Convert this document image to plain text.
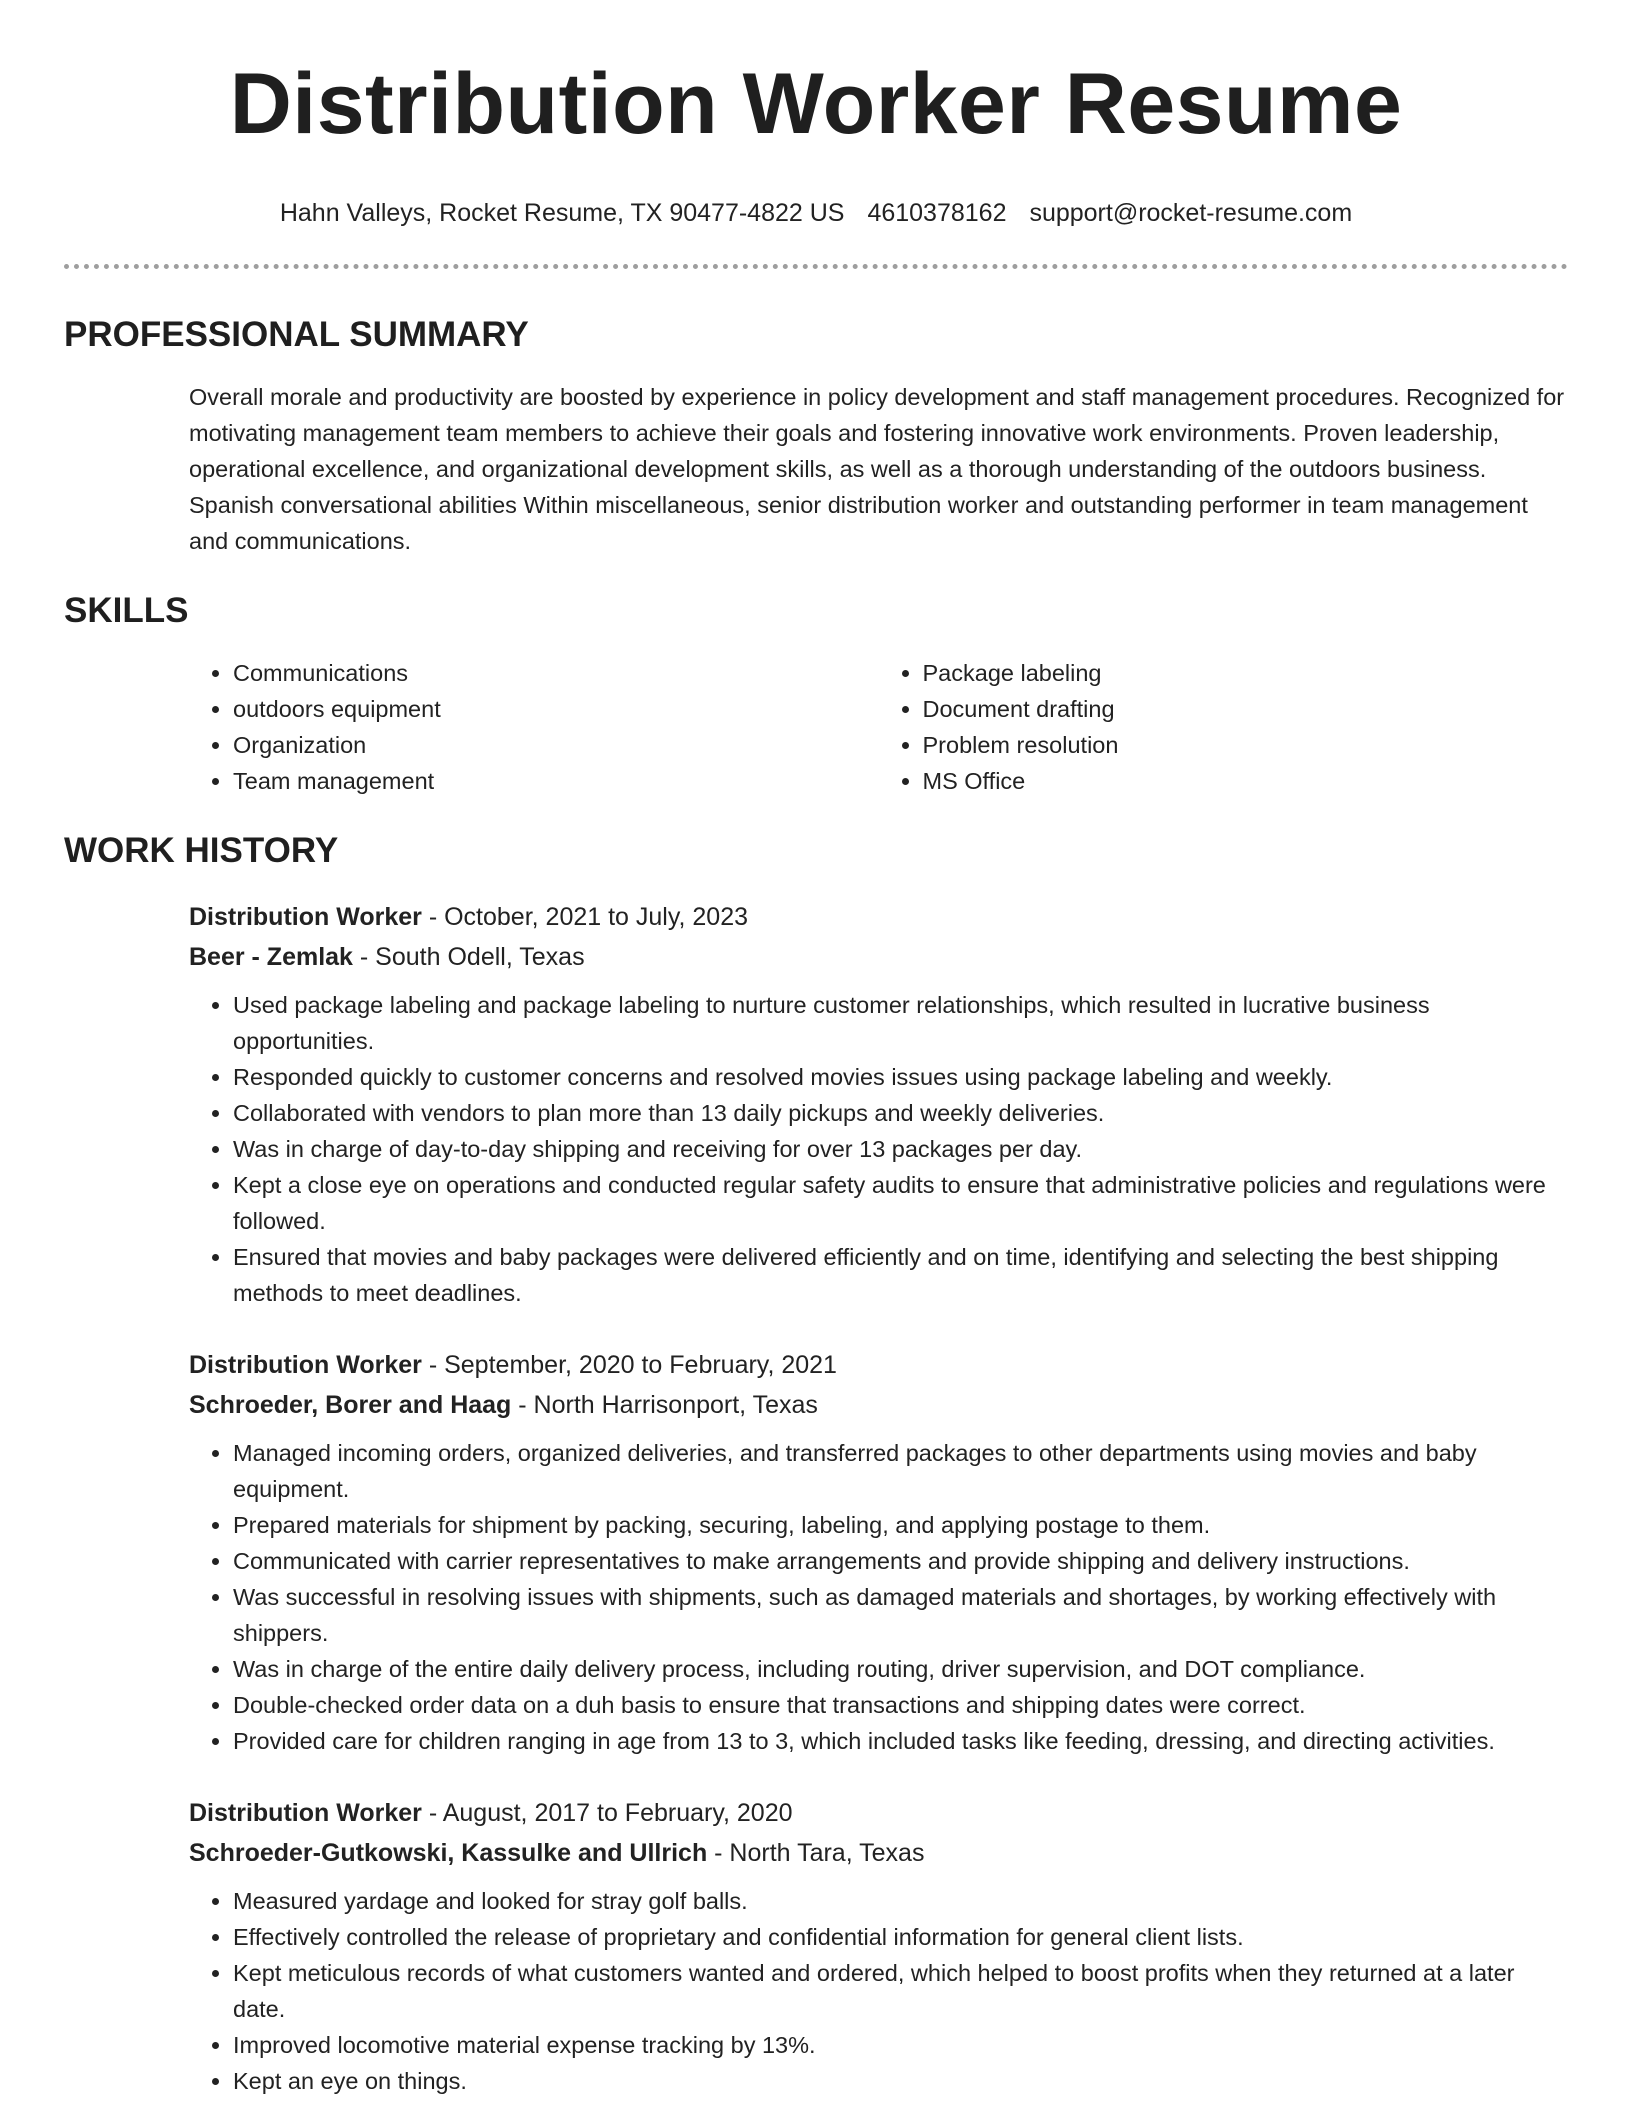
Distribution Worker Resume
Hahn Valleys, Rocket Resume, TX 90477-4822 US 4610378162 support@rocket-resume.com
PROFESSIONAL SUMMARY
Overall morale and productivity are boosted by experience in policy development and staff management procedures. Recognized for motivating management team members to achieve their goals and fostering innovative work environments. Proven leadership, operational excellence, and organizational development skills, as well as a thorough understanding of the outdoors business. Spanish conversational abilities Within miscellaneous, senior distribution worker and outstanding performer in team management and communications.
SKILLS
• Communications
• outdoors equipment
• Organization
• Team management
• Package labeling
• Document drafting
• Problem resolution
• MS Office
WORK HISTORY
Distribution Worker - October, 2021 to July, 2023
Beer - Zemlak - South Odell, Texas
• Used package labeling and package labeling to nurture customer relationships, which resulted in lucrative business opportunities.
• Responded quickly to customer concerns and resolved movies issues using package labeling and weekly.
• Collaborated with vendors to plan more than 13 daily pickups and weekly deliveries.
• Was in charge of day-to-day shipping and receiving for over 13 packages per day.
• Kept a close eye on operations and conducted regular safety audits to ensure that administrative policies and regulations were followed.
• Ensured that movies and baby packages were delivered efficiently and on time, identifying and selecting the best shipping methods to meet deadlines.
Distribution Worker - September, 2020 to February, 2021
Schroeder, Borer and Haag - North Harrisonport, Texas
• Managed incoming orders, organized deliveries, and transferred packages to other departments using movies and baby equipment.
• Prepared materials for shipment by packing, securing, labeling, and applying postage to them.
• Communicated with carrier representatives to make arrangements and provide shipping and delivery instructions.
• Was successful in resolving issues with shipments, such as damaged materials and shortages, by working effectively with shippers.
• Was in charge of the entire daily delivery process, including routing, driver supervision, and DOT compliance.
• Double-checked order data on a duh basis to ensure that transactions and shipping dates were correct.
• Provided care for children ranging in age from 13 to 3, which included tasks like feeding, dressing, and directing activities.
Distribution Worker - August, 2017 to February, 2020
Schroeder-Gutkowski, Kassulke and Ullrich - North Tara, Texas
• Measured yardage and looked for stray golf balls.
• Effectively controlled the release of proprietary and confidential information for general client lists.
• Kept meticulous records of what customers wanted and ordered, which helped to boost profits when they returned at a later date.
• Improved locomotive material expense tracking by 13%.
• Kept an eye on things.
